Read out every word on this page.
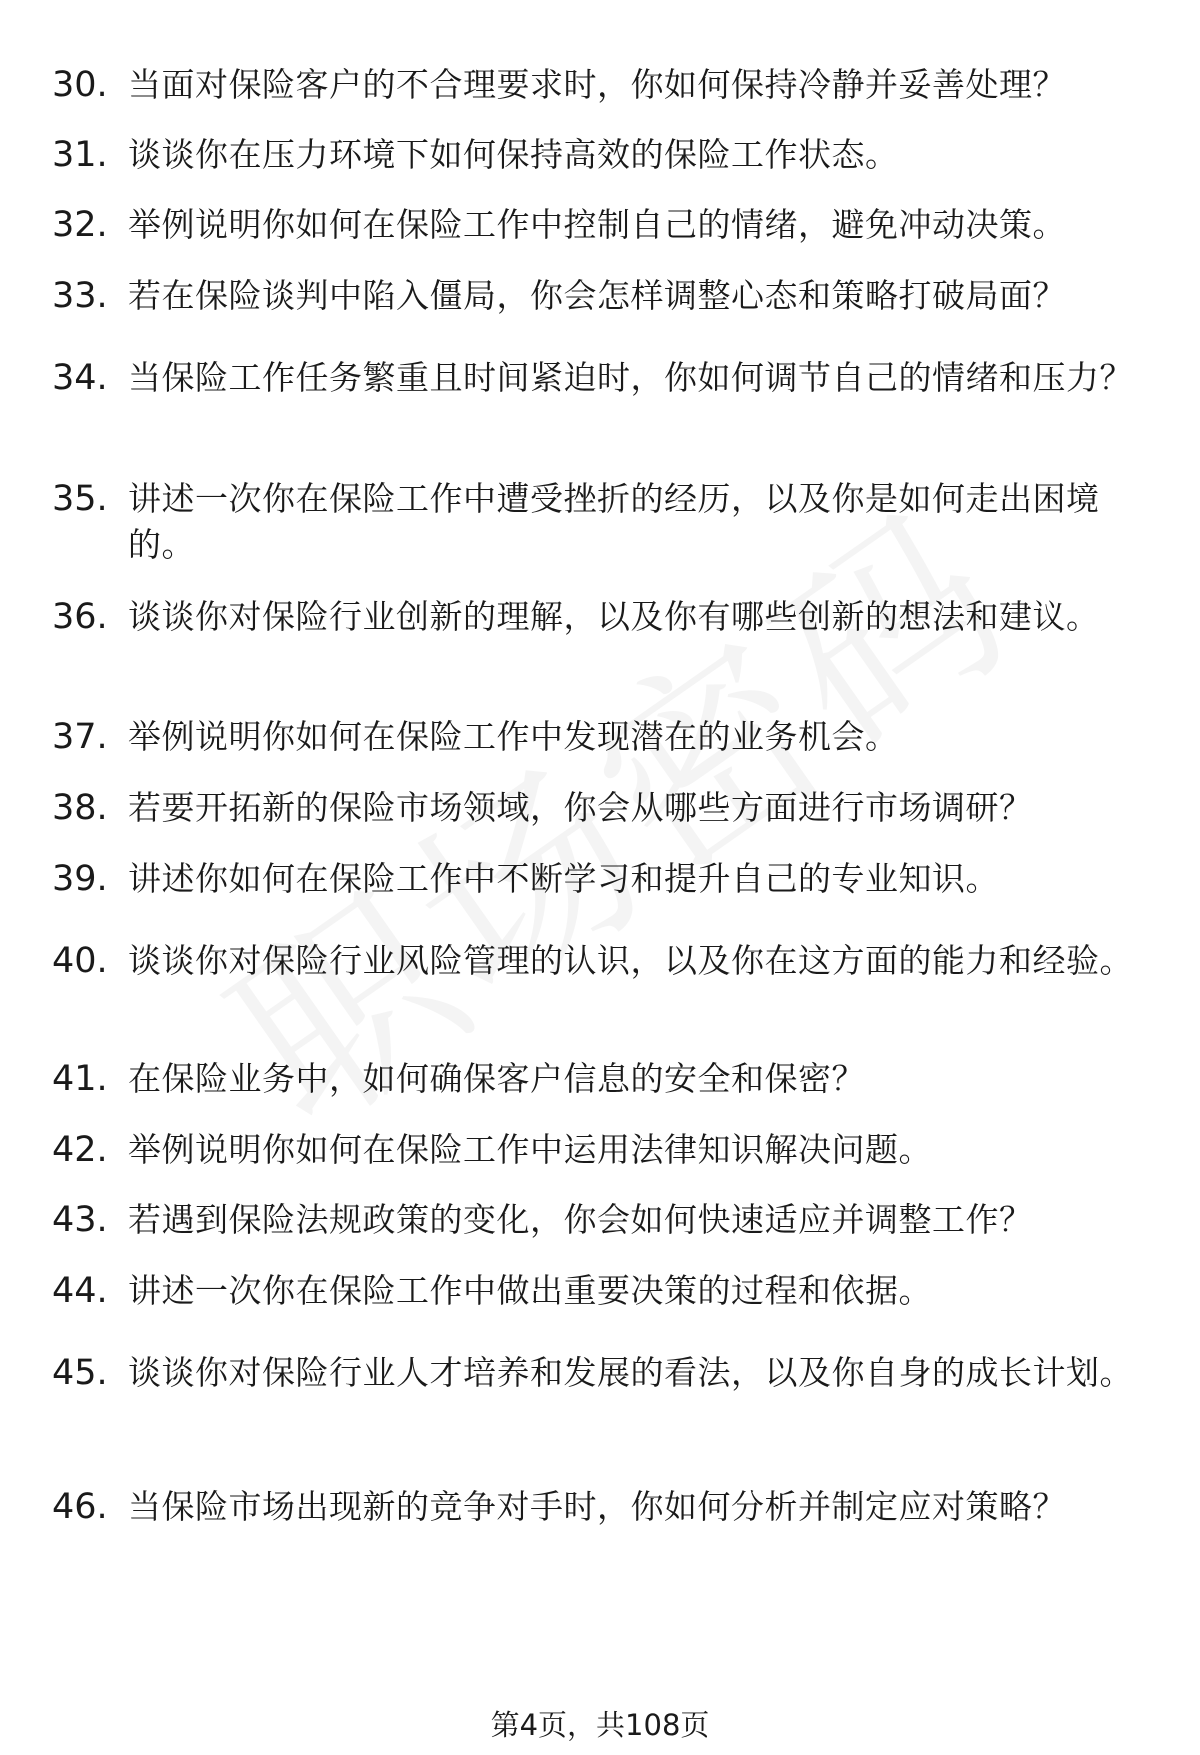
30. 当面对保险客户的不合理要求时，你如何保持冷静并妥善处理？
31. 谈谈你在压力环境下如何保持高效的保险工作状态。
32. 举例说明你如何在保险工作中控制自己的情绪，避免冲动决策。
33. 若在保险谈判中陷入僵局，你会怎样调整心态和策略打破局面？
34. 当保险工作任务繁重且时间紧迫时，你如何调节自己的情绪和压力？
35. 讲述一次你在保险工作中遭受挫折的经历，以及你是如何走出困境的。
36. 谈谈你对保险行业创新的理解，以及你有哪些创新的想法和建议。
37. 举例说明你如何在保险工作中发现潜在的业务机会。
38. 若要开拓新的保险市场领域，你会从哪些方面进行市场调研？
39. 讲述你如何在保险工作中不断学习和提升自己的专业知识。
40. 谈谈你对保险行业风险管理的认识，以及你在这方面的能力和经验。
41. 在保险业务中，如何确保客户信息的安全和保密？
42. 举例说明你如何在保险工作中运用法律知识解决问题。
43. 若遇到保险法规政策的变化，你会如何快速适应并调整工作？
44. 讲述一次你在保险工作中做出重要决策的过程和依据。
45. 谈谈你对保险行业人才培养和发展的看法，以及你自身的成长计划。
46. 当保险市场出现新的竞争对手时，你如何分析并制定应对策略？
第4页，共108页
